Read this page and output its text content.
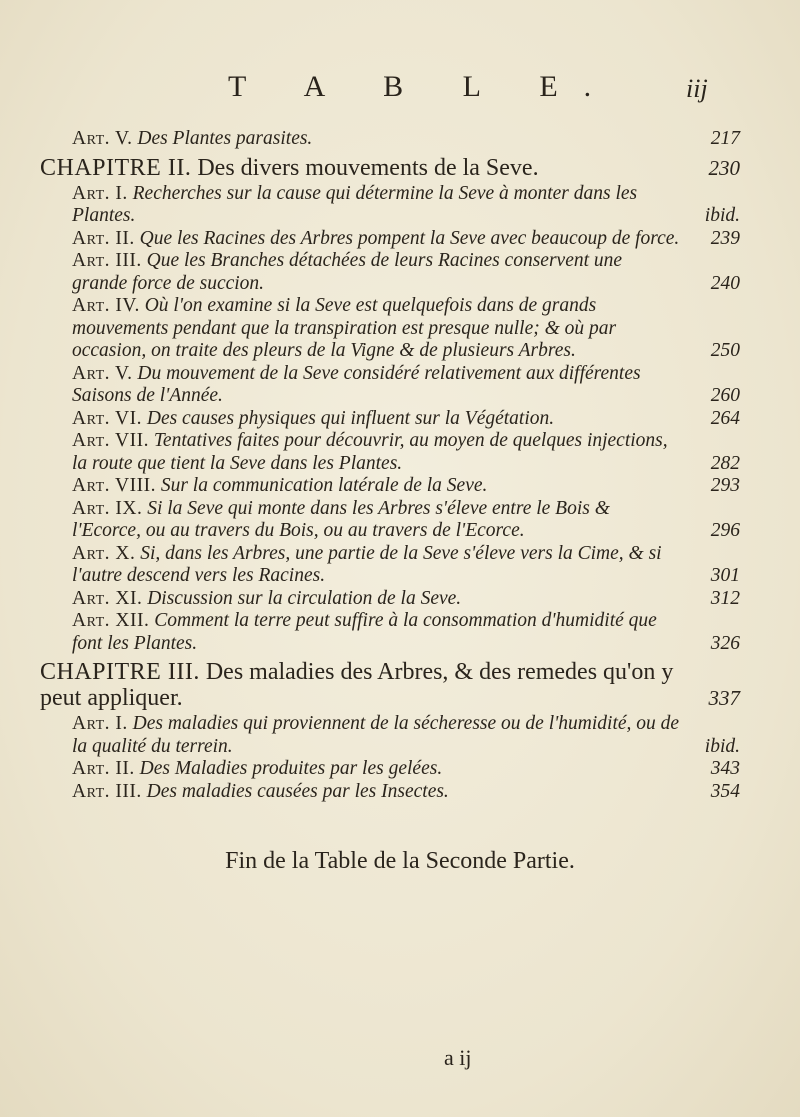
T A B L E.	iij
Art. V. Des Plantes parasites.	217
CHAPITRE II. Des divers mouvements de la Seve.	230
Art. I. Recherches sur la cause qui détermine la Seve à monter dans les Plantes.	ibid.
Art. II. Que les Racines des Arbres pompent la Seve avec beaucoup de force. 239
Art. III. Que les Branches détachées de leurs Racines conservent une grande force de succion.	240
Art. IV. Où l'on examine si la Seve est quelquefois dans de grands mouvements pendant que la transpiration est presque nulle; & où par occasion, on traite des pleurs de la Vigne & de plusieurs Arbres.	250
Art. V. Du mouvement de la Seve considéré relativement aux différentes Saisons de l'Année.	260
Art. VI. Des causes physiques qui influent sur la Végétation.	264
Art. VII. Tentatives faites pour découvrir, au moyen de quelques injections, la route que tient la Seve dans les Plantes.	282
Art. VIII. Sur la communication latérale de la Seve.	293
Art. IX. Si la Seve qui monte dans les Arbres s'éleve entre le Bois & l'Ecorce, ou au travers du Bois, ou au travers de l'Ecorce.	296
Art. X. Si, dans les Arbres, une partie de la Seve s'éleve vers la Cime, & si l'autre descend vers les Racines.	301
Art. XI. Discussion sur la circulation de la Seve.	312
Art. XII. Comment la terre peut suffire à la consommation d'humidité que font les Plantes.	326
CHAPITRE III. Des maladies des Arbres, & des remedes qu'on y peut appliquer.	337
Art. I. Des maladies qui proviennent de la sécheresse ou de l'humidité, ou de la qualité du terrein.	ibid.
Art. II. Des Maladies produites par les gelées.	343
Art. III. Des maladies causées par les Insectes.	354
Fin de la Table de la Seconde Partie.
a ij
